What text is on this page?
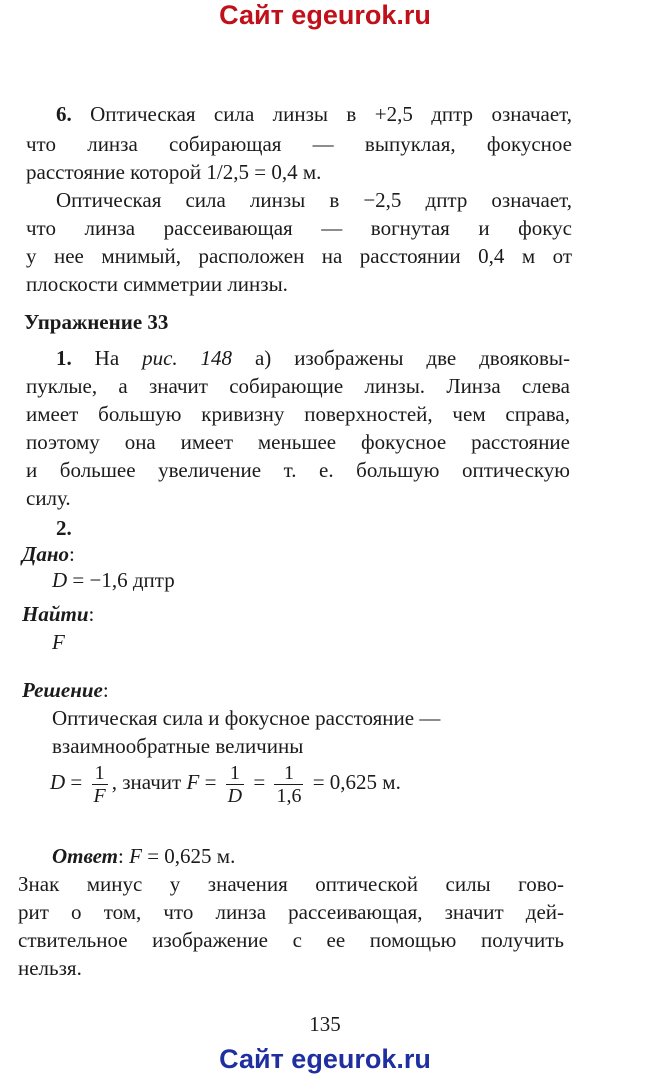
Сайт egeurok.ru
6. Оптическая сила линзы в +2,5 дптр означает,
что линза собирающая — выпуклая, фокусное
расстояние которой 1/2,5 = 0,4 м.
Оптическая сила линзы в −2,5 дптр означает,
что линза рассеивающая — вогнутая и фокус
у нее мнимый, расположен на расстоянии 0,4 м от
плоскости симметрии линзы.
Упражнение 33
1. На рис. 148 а) изображены две двояковы-
пуклые, а значит собирающие линзы. Линза слева
имеет большую кривизну поверхностей, чем справа,
поэтому она имеет меньшее фокусное расстояние
и большее увеличение т. е. большую оптическую
силу.
2.
Дано:
D = −1,6 дптр
Найти:
F
Решение:
Оптическая сила и фокусное расстояние —
взаимнообратные величины
$D = \frac{1}{F}$ , значит $F = \frac{1}{D} = \frac{1}{1,6} = 0,625$ м.
Ответ: F = 0,625 м.
Знак минус у значения оптической силы гово-
рит о том, что линза рассеивающая, значит дей-
ствительное изображение с ее помощью получить
нельзя.
135
Сайт egeurok.ru
